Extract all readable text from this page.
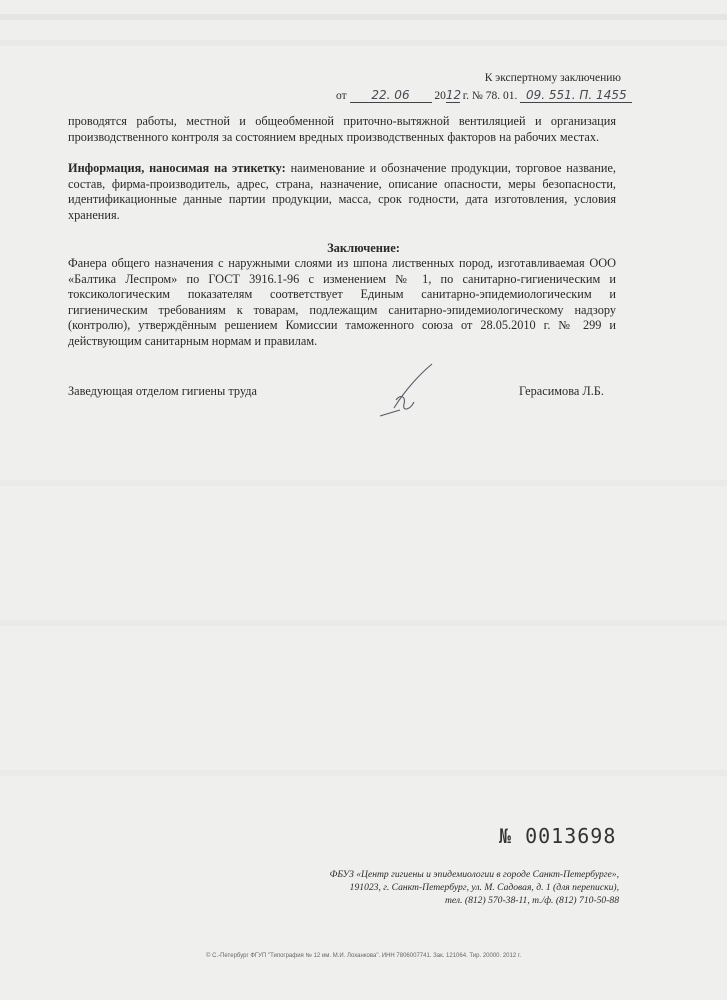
К экспертному заключению
от 22. 06 2012 г. № 78. 01. 09. 551. П. 1455
проводятся работы, местной и общеобменной приточно-вытяжной вентиляцией и организация производственного контроля за состоянием вредных производственных факторов на рабочих местах.
Информация, наносимая на этикетку: наименование и обозначение продукции, торговое название, состав, фирма-производитель, адрес, страна, назначение, описание опасности, меры безопасности, идентификационные данные партии продукции, масса, срок годности, дата изготовления, условия хранения.
Заключение:
Фанера общего назначения с наружными слоями из шпона лиственных пород, изготавливаемая ООО «Балтика Леспром» по ГОСТ 3916.1-96 с изменением № 1, по санитарно-гигиеническим и токсикологическим показателям соответствует Единым санитарно-эпидемиологическим и гигиеническим требованиям к товарам, подлежащим санитарно-эпидемиологическому надзору (контролю), утверждённым решением Комиссии таможенного союза от 28.05.2010 г. № 299 и действующим санитарным нормам и правилам.
Заведующая отделом гигиены труда	Герасимова Л.Б.
№ 0013698
ФБУЗ «Центр гигиены и эпидемиологии в городе Санкт-Петербурге»,
191023, г. Санкт-Петербург, ул. М. Садовая, д. 1 (для переписки),
тел. (812) 570-38-11, т./ф. (812) 710-50-88
© С.-Петербург ФГУП "Типография № 12 им. М.И. Лоханкова". ИНН 7806007741. Зак. 121064. Тир. 20000. 2012 г.
